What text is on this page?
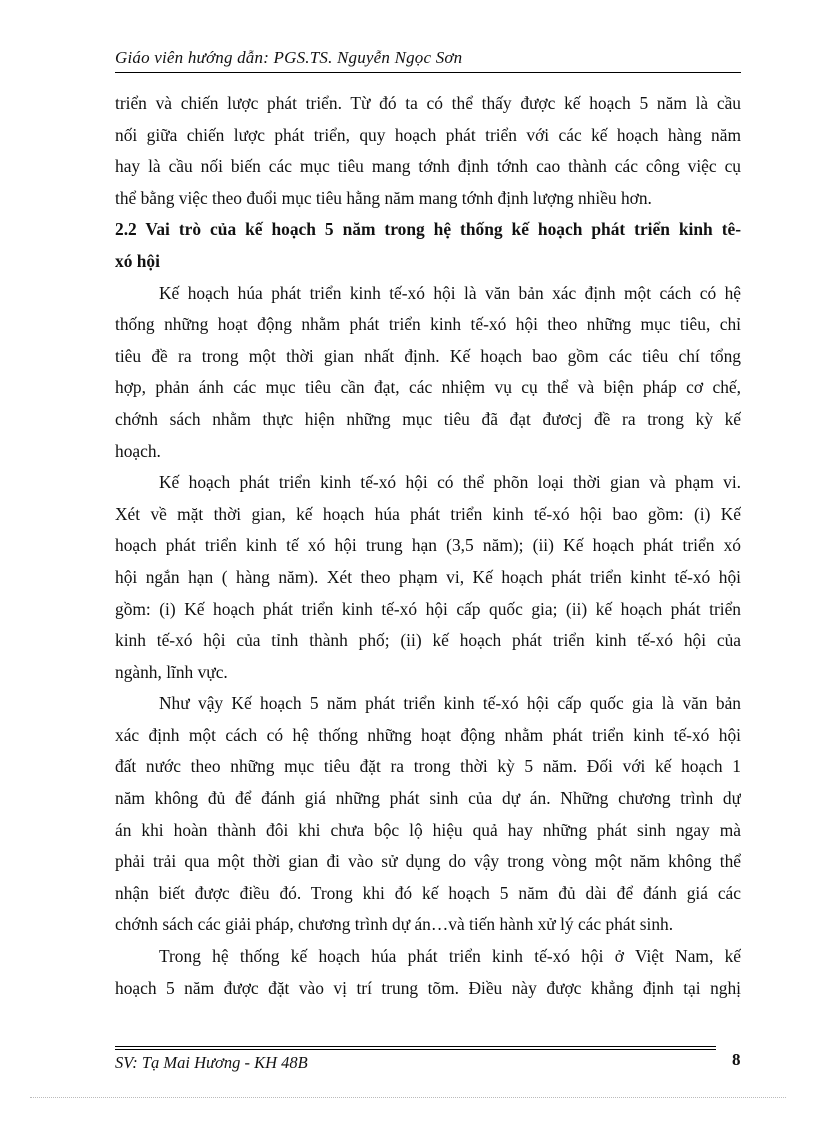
Giáo viên hướng dẫn: PGS.TS. Nguyễn Ngọc Sơn
triển và chiến lược phát triển. Từ đó ta có thể thấy được kế hoạch 5 năm là cầu
nối giữa chiến lược phát triển, quy hoạch phát triển với các kế hoạch hàng năm
hay là cầu nối biến các mục tiêu mang tớnh định tớnh cao thành các công việc cụ
thể bằng việc theo đuổi mục tiêu hằng năm mang tớnh định lượng nhiều hơn.
2.2 Vai trò của kế hoạch 5 năm trong hệ thống kế hoạch phát triển kinh tê-
xó hội
Kế hoạch húa phát triển kinh tế-xó hội là văn bản xác định một cách có hệ
thống những hoạt động nhằm phát triển kinh tế-xó hội theo những mục tiêu, chỉ
tiêu đề ra trong một thời gian nhất định. Kế hoạch bao gồm các tiêu chí tổng
hợp, phản ánh các mục tiêu cần đạt, các nhiệm vụ cụ thể và biện pháp cơ chế,
chớnh sách nhằm thực hiện những mục tiêu đã đạt đươcj đề ra trong kỳ kế
hoạch.
Kế hoạch phát triển kinh tế-xó hội có thể phõn loại thời gian và phạm vi.
Xét về mặt thời gian, kế hoạch húa phát triển kinh tế-xó hội bao gồm: (i) Kế
hoạch phát triển kinh tế xó hội trung hạn (3,5 năm); (ii) Kế hoạch phát triển xó
hội ngắn hạn ( hàng năm). Xét theo phạm vi, Kế hoạch phát triển kinht tế-xó hội
gồm: (i) Kế hoạch phát triển kinh tế-xó hội cấp quốc gia; (ii) kế hoạch phát triển
kinh tế-xó hội của tỉnh thành phố; (ii) kế hoạch phát triển kinh tế-xó hội của
ngành, lĩnh vực.
Như vậy Kế hoạch 5 năm phát triển kinh tế-xó hội cấp quốc gia là văn bản
xác định một cách có hệ thống những hoạt động nhằm phát triển kinh tế-xó hội
đất nước theo những mục tiêu đặt ra trong thời kỳ 5 năm. Đối với kế hoạch 1
năm không đủ để đánh giá những phát sinh của dự án. Những chương trình dự
án khi hoàn thành đôi khi chưa bộc lộ hiệu quả hay những phát sinh ngay mà
phải trải qua một thời gian đi vào sử dụng do vậy trong vòng một năm không thể
nhận biết được điều đó. Trong khi đó kế hoạch 5 năm đủ dài để đánh giá các
chớnh sách các giải pháp, chương trình dự án…và tiến hành xử lý các phát sinh.
Trong hệ thống kế hoạch húa phát triển kinh tế-xó hội ở Việt Nam, kế
hoạch 5 năm được đặt vào vị trí trung tõm. Điều này được khẳng định tại nghị
SV: Tạ Mai Hương - KH 48B	8
